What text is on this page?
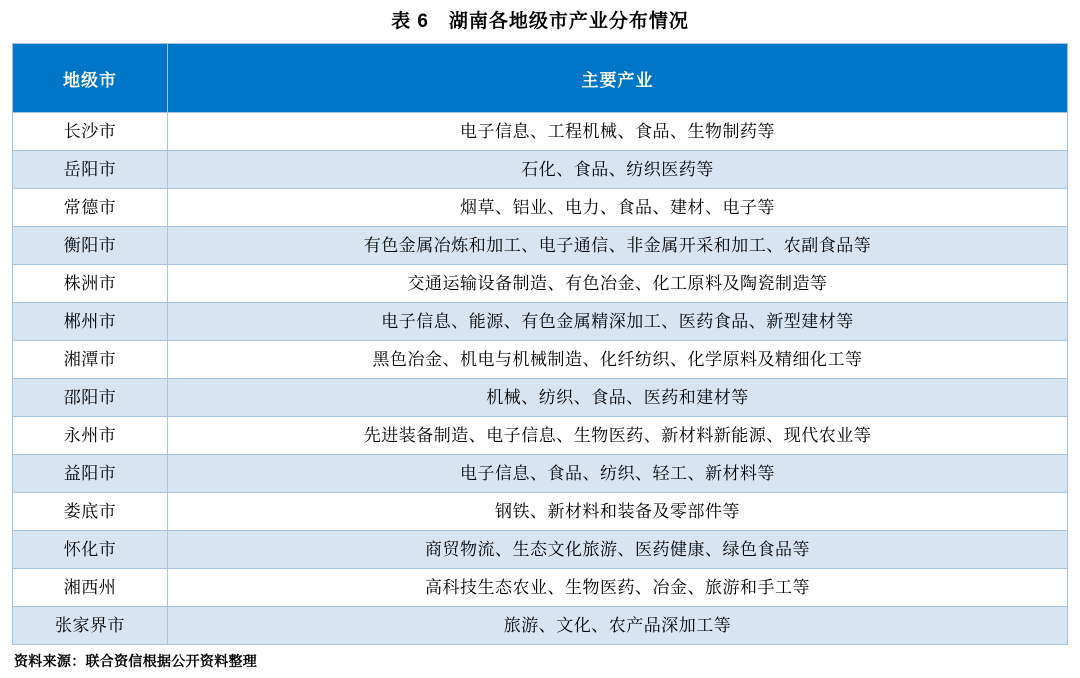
表 6　湖南各地级市产业分布情况
地级市	主要产业
长沙市	电子信息、工程机械、食品、生物制药等
岳阳市	石化、食品、纺织医药等
常德市	烟草、铝业、电力、食品、建材、电子等
衡阳市	有色金属冶炼和加工、电子通信、非金属开采和加工、农副食品等
株洲市	交通运输设备制造、有色冶金、化工原料及陶瓷制造等
郴州市	电子信息、能源、有色金属精深加工、医药食品、新型建材等
湘潭市	黑色冶金、机电与机械制造、化纤纺织、化学原料及精细化工等
邵阳市	机械、纺织、食品、医药和建材等
永州市	先进装备制造、电子信息、生物医药、新材料新能源、现代农业等
益阳市	电子信息、食品、纺织、轻工、新材料等
娄底市	钢铁、新材料和装备及零部件等
怀化市	商贸物流、生态文化旅游、医药健康、绿色食品等
湘西州	高科技生态农业、生物医药、冶金、旅游和手工等
张家界市	旅游、文化、农产品深加工等
资料来源：联合资信根据公开资料整理
